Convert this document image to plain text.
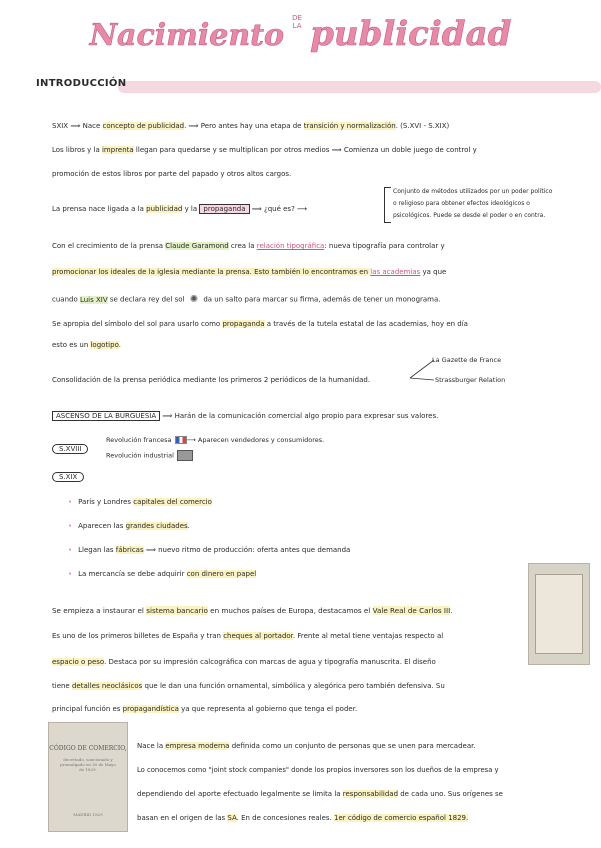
Nacimiento DE
LA publicidad
INTRODUCCIÓN
SXIX ⟹ Nace concepto de publicidad. ⟹ Pero antes hay una etapa de transición y normalización. (S.XVI - S.XIX)
Los libros y la imprenta llegan para quedarse y se multiplican por otros medios ⟹ Comienza un doble juego de control y
promoción de estos libros por parte del papado y otros altos cargos.
La prensa nace ligada a la publicidad y la propaganda ⟹ ¿qué es? ⟶
Conjunto de métodos utilizados por un poder político
o religioso para obtener efectos ideológicos o
psicológicos. Puede se desde el poder o en contra.
Con el crecimiento de la prensa Claude Garamond crea la relación tipográfica: nueva tipografía para controlar y
promocionar los ideales de la iglesia mediante la prensa. Esto también lo encontramos en las academias ya que
cuando Luis XIV se declara rey del sol ✺ da un salto para marcar su firma, además de tener un monograma.
Se apropia del símbolo del sol para usarlo como propaganda a través de la tutela estatal de las academias, hoy en día
esto es un logotipo.
La Gazette de France
Strassburger Relation
Consolidación de la prensa periódica mediante los primeros 2 periódicos de la humanidad.
ASCENSO DE LA BURGUESÍA ⟹ Harán de la comunicación comercial algo propio para expresar sus valores.
Revolución francesa ⟶ Aparecen vendedores y consumidores.
Revolución industrial
S.XVIII
S.XIX
• París y Londres capitales del comercio
• Aparecen las grandes ciudades.
• Llegan las fábricas ⟹ nuevo ritmo de producción: oferta antes que demanda
• La mercancía se debe adquirir con dinero en papel
Se empieza a instaurar el sistema bancario en muchos países de Europa, destacamos el Vale Real de Carlos III.
Es uno de los primeros billetes de España y tran cheques al portador. Frente al metal tiene ventajas respecto al
espacio o peso. Destaca por su impresión calcográfica con marcas de agua y tipografía manuscrita. El diseño
tiene detalles neoclásicos que le dan una función ornamental, simbólica y alegórica pero también defensiva. Su
principal función es propagandística ya que representa al gobierno que tenga el poder.
CÓDIGO DE COMERCIO,
decretado, sancionado y promulgado en 30 de Mayo de 1829.
MADRID 1829
Nace la empresa moderna definida como un conjunto de personas que se unen para mercadear.
Lo conocemos como "joint stock companies" donde los propios inversores son los dueños de la empresa y
dependiendo del aporte efectuado legalmente se limita la responsabilidad de cada uno. Sus orígenes se
basan en el origen de las SA. En de concesiones reales. 1er código de comercio español 1829.
